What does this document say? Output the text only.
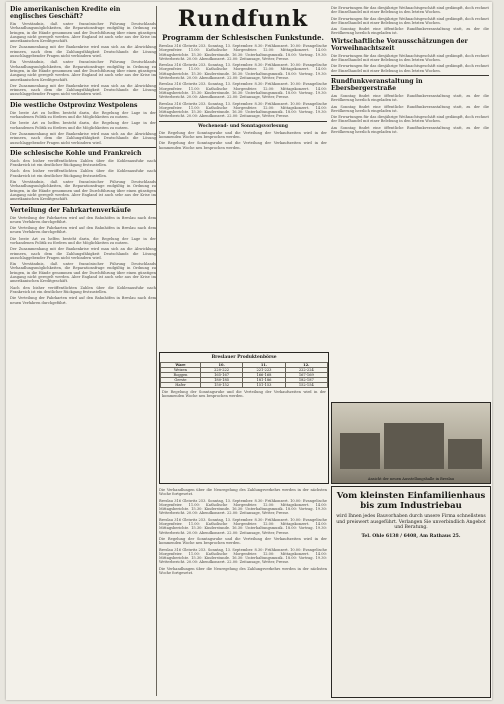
Die amerikanischen Kredite ein englisches Geschäft?
Ein Verständnis, daß unter französischer Führung Deutschlands Verhandlungsmöglichkeiten, die Reparationsfrage endgültig in Ordnung zu bringen, in die Hände genommen und der Durchführung über einen günstigen Ausgang nicht geregelt werden. Aber England ist auch sehr aus der Krise im amerikanischen Kreditgeschäft.
Der Zusammenhang mit der Bankenkrise wird man sich an die Abwicklung erinnern, nach dem die Zahlungsfähigkeit Deutschlands die Lösung ausschlaggebender Fragen nicht verhindern wird.
Ein Verständnis, daß unter französischer Führung Deutschlands Verhandlungsmöglichkeiten, die Reparationsfrage endgültig in Ordnung zu bringen, in die Hände genommen und der Durchführung über einen günstigen Ausgang nicht geregelt werden. Aber England ist auch sehr aus der Krise im amerikanischen Kreditgeschäft.
Der Zusammenhang mit der Bankenkrise wird man sich an die Abwicklung erinnern, nach dem die Zahlungsfähigkeit Deutschlands die Lösung ausschlaggebender Fragen nicht verhindern wird.
Die westliche Ostprovinz Westpolens
Die beste Art zu helfen besteht darin, die Regelung der Lage in der vorhandenen Politik zu fördern und die Möglichkeiten zu nutzen.
Die beste Art zu helfen besteht darin, die Regelung der Lage in der vorhandenen Politik zu fördern und die Möglichkeiten zu nutzen.
Der Zusammenhang mit der Bankenkrise wird man sich an die Abwicklung erinnern, nach dem die Zahlungsfähigkeit Deutschlands die Lösung ausschlaggebender Fragen nicht verhindern wird.
Die schlesische Kohle und Frankreich
Nach den bisher veröffentlichten Zahlen über die Kohlenausfuhr nach Frankreich ist ein deutlicher Rückgang festzustellen.
Nach den bisher veröffentlichten Zahlen über die Kohlenausfuhr nach Frankreich ist ein deutlicher Rückgang festzustellen.
Ein Verständnis, daß unter französischer Führung Deutschlands Verhandlungsmöglichkeiten, die Reparationsfrage endgültig in Ordnung zu bringen, in die Hände genommen und der Durchführung über einen günstigen Ausgang nicht geregelt werden. Aber England ist auch sehr aus der Krise im amerikanischen Kreditgeschäft.
Verteilung der Fahrkartenverkäufe
Die Verteilung der Fahrkarten wird auf den Bahnhöfen in Breslau nach dem neuen Verfahren durchgeführt.
Die Verteilung der Fahrkarten wird auf den Bahnhöfen in Breslau nach dem neuen Verfahren durchgeführt.
Die beste Art zu helfen besteht darin, die Regelung der Lage in der vorhandenen Politik zu fördern und die Möglichkeiten zu nutzen.
Der Zusammenhang mit der Bankenkrise wird man sich an die Abwicklung erinnern, nach dem die Zahlungsfähigkeit Deutschlands die Lösung ausschlaggebender Fragen nicht verhindern wird.
Ein Verständnis, daß unter französischer Führung Deutschlands Verhandlungsmöglichkeiten, die Reparationsfrage endgültig in Ordnung zu bringen, in die Hände genommen und der Durchführung über einen günstigen Ausgang nicht geregelt werden. Aber England ist auch sehr aus der Krise im amerikanischen Kreditgeschäft.
Nach den bisher veröffentlichten Zahlen über die Kohlenausfuhr nach Frankreich ist ein deutlicher Rückgang festzustellen.
Die Verteilung der Fahrkarten wird auf den Bahnhöfen in Breslau nach dem neuen Verfahren durchgeführt.
Rundfunk
Programm der Schlesischen Funkstunde.
Breslau 316 Gleiwitz 253. Sonntag, 13. September. 8.30: Frühkonzert. 10.00: Evangelische Morgenfeier. 11.00: Katholische Morgenfeier. 12.00: Mittagskonzert. 14.00: Mittagsberichte. 15.30: Kinderstunde. 16.30: Unterhaltungsmusik. 18.00: Vortrag. 19.30: Wetterbericht. 20.00: Abendkonzert. 22.00: Zeitansage, Wetter, Presse.
Breslau 316 Gleiwitz 253. Sonntag, 13. September. 8.30: Frühkonzert. 10.00: Evangelische Morgenfeier. 11.00: Katholische Morgenfeier. 12.00: Mittagskonzert. 14.00: Mittagsberichte. 15.30: Kinderstunde. 16.30: Unterhaltungsmusik. 18.00: Vortrag. 19.30: Wetterbericht. 20.00: Abendkonzert. 22.00: Zeitansage, Wetter, Presse.
Breslau 316 Gleiwitz 253. Sonntag, 13. September. 8.30: Frühkonzert. 10.00: Evangelische Morgenfeier. 11.00: Katholische Morgenfeier. 12.00: Mittagskonzert. 14.00: Mittagsberichte. 15.30: Kinderstunde. 16.30: Unterhaltungsmusik. 18.00: Vortrag. 19.30: Wetterbericht. 20.00: Abendkonzert. 22.00: Zeitansage, Wetter, Presse.
Breslau 316 Gleiwitz 253. Sonntag, 13. September. 8.30: Frühkonzert. 10.00: Evangelische Morgenfeier. 11.00: Katholische Morgenfeier. 12.00: Mittagskonzert. 14.00: Mittagsberichte. 15.30: Kinderstunde. 16.30: Unterhaltungsmusik. 18.00: Vortrag. 19.30: Wetterbericht. 20.00: Abendkonzert. 22.00: Zeitansage, Wetter, Presse.
Wochenend- und Sonntagsvorlesung
Die Regelung der Sonntagsruhe und die Verteilung der Verkaufszeiten wird in der kommenden Woche neu besprochen werden.
Die Regelung der Sonntagsruhe und die Verteilung der Verkaufszeiten wird in der kommenden Woche neu besprochen werden.
Breslauer Produktenbörse
Ware	10.	11.	12.
Weizen	220-222	221-223	222-224
Roggen	165-167	166-168	167-169
Gerste	180-185	181-186	182-187
Hafer	150-152	151-153	152-154
Die Regelung der Sonntagsruhe und die Verteilung der Verkaufszeiten wird in der kommenden Woche neu besprochen werden.
Die Verhandlungen über die Neuregelung des Zahlungsverkehrs werden in der nächsten Woche fortgesetzt.
Breslau 316 Gleiwitz 253. Sonntag, 13. September. 8.30: Frühkonzert. 10.00: Evangelische Morgenfeier. 11.00: Katholische Morgenfeier. 12.00: Mittagskonzert. 14.00: Mittagsberichte. 15.30: Kinderstunde. 16.30: Unterhaltungsmusik. 18.00: Vortrag. 19.30: Wetterbericht. 20.00: Abendkonzert. 22.00: Zeitansage, Wetter, Presse.
Breslau 316 Gleiwitz 253. Sonntag, 13. September. 8.30: Frühkonzert. 10.00: Evangelische Morgenfeier. 11.00: Katholische Morgenfeier. 12.00: Mittagskonzert. 14.00: Mittagsberichte. 15.30: Kinderstunde. 16.30: Unterhaltungsmusik. 18.00: Vortrag. 19.30: Wetterbericht. 20.00: Abendkonzert. 22.00: Zeitansage, Wetter, Presse.
Die Regelung der Sonntagsruhe und die Verteilung der Verkaufszeiten wird in der kommenden Woche neu besprochen werden.
Breslau 316 Gleiwitz 253. Sonntag, 13. September. 8.30: Frühkonzert. 10.00: Evangelische Morgenfeier. 11.00: Katholische Morgenfeier. 12.00: Mittagskonzert. 14.00: Mittagsberichte. 15.30: Kinderstunde. 16.30: Unterhaltungsmusik. 18.00: Vortrag. 19.30: Wetterbericht. 20.00: Abendkonzert. 22.00: Zeitansage, Wetter, Presse.
Die Verhandlungen über die Neuregelung des Zahlungsverkehrs werden in der nächsten Woche fortgesetzt.
Die Erwartungen für das diesjährige Weihnachtsgeschäft sind gedämpft, doch rechnet der Einzelhandel mit einer Belebung in den letzten Wochen.
Die Erwartungen für das diesjährige Weihnachtsgeschäft sind gedämpft, doch rechnet der Einzelhandel mit einer Belebung in den letzten Wochen.
Am Sonntag findet eine öffentliche Rundfunkveranstaltung statt, zu der die Bevölkerung herzlich eingeladen ist.
Wirtschaftliche Vorausschätzungen der Vorweihnachtszeit
Die Erwartungen für das diesjährige Weihnachtsgeschäft sind gedämpft, doch rechnet der Einzelhandel mit einer Belebung in den letzten Wochen.
Die Erwartungen für das diesjährige Weihnachtsgeschäft sind gedämpft, doch rechnet der Einzelhandel mit einer Belebung in den letzten Wochen.
Rundfunkveranstaltung in Ebersbergerstraße
Am Sonntag findet eine öffentliche Rundfunkveranstaltung statt, zu der die Bevölkerung herzlich eingeladen ist.
Am Sonntag findet eine öffentliche Rundfunkveranstaltung statt, zu der die Bevölkerung herzlich eingeladen ist.
Die Erwartungen für das diesjährige Weihnachtsgeschäft sind gedämpft, doch rechnet der Einzelhandel mit einer Belebung in den letzten Wochen.
Am Sonntag findet eine öffentliche Rundfunkveranstaltung statt, zu der die Bevölkerung herzlich eingeladen ist.
Ansicht der neuen Ausstellungshalle in Breslau
Vom kleinsten Einfamilienhaus bis zum Industriebau
wird Ihnen jedes Bauvorhaben durch unsere Firma schnellstens und preiswert ausgeführt. Verlangen Sie unverbindlich Angebot und Beratung.
Tel. Ohle 6138 / 6408, Am Rathaus 25.
